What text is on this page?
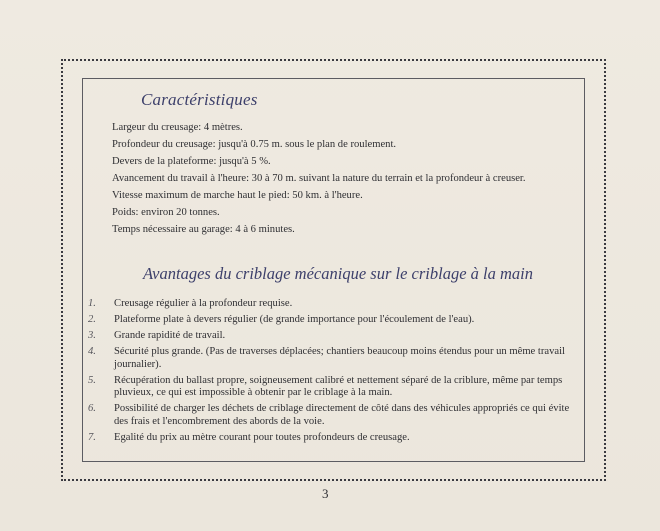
Caractéristiques
Largeur du creusage: 4 mètres.
Profondeur du creusage: jusqu'à 0.75 m. sous le plan de roulement.
Devers de la plateforme: jusqu'à 5 %.
Avancement du travail à l'heure: 30 à 70 m. suivant la nature du terrain et la profondeur à creuser.
Vitesse maximum de marche haut le pied: 50 km. à l'heure.
Poids: environ 20 tonnes.
Temps nécessaire au garage: 4 à 6 minutes.
Avantages du criblage mécanique sur le criblage à la main
1.	Creusage régulier à la profondeur requise.
2.	Plateforme plate à devers régulier (de grande importance pour l'écoulement de l'eau).
3.	Grande rapidité de travail.
4.	Sécurité plus grande. (Pas de traverses déplacées; chantiers beaucoup moins étendus pour un même travail journalier).
5.	Récupération du ballast propre, soigneusement calibré et nettement séparé de la criblure, même par temps pluvieux, ce qui est impossible à obtenir par le criblage à la main.
6.	Possibilité de charger les déchets de criblage directement de côté dans des véhicules appropriés ce qui évite des frais et l'encombrement des abords de la voie.
7.	Egalité du prix au mètre courant pour toutes profondeurs de creusage.
3
